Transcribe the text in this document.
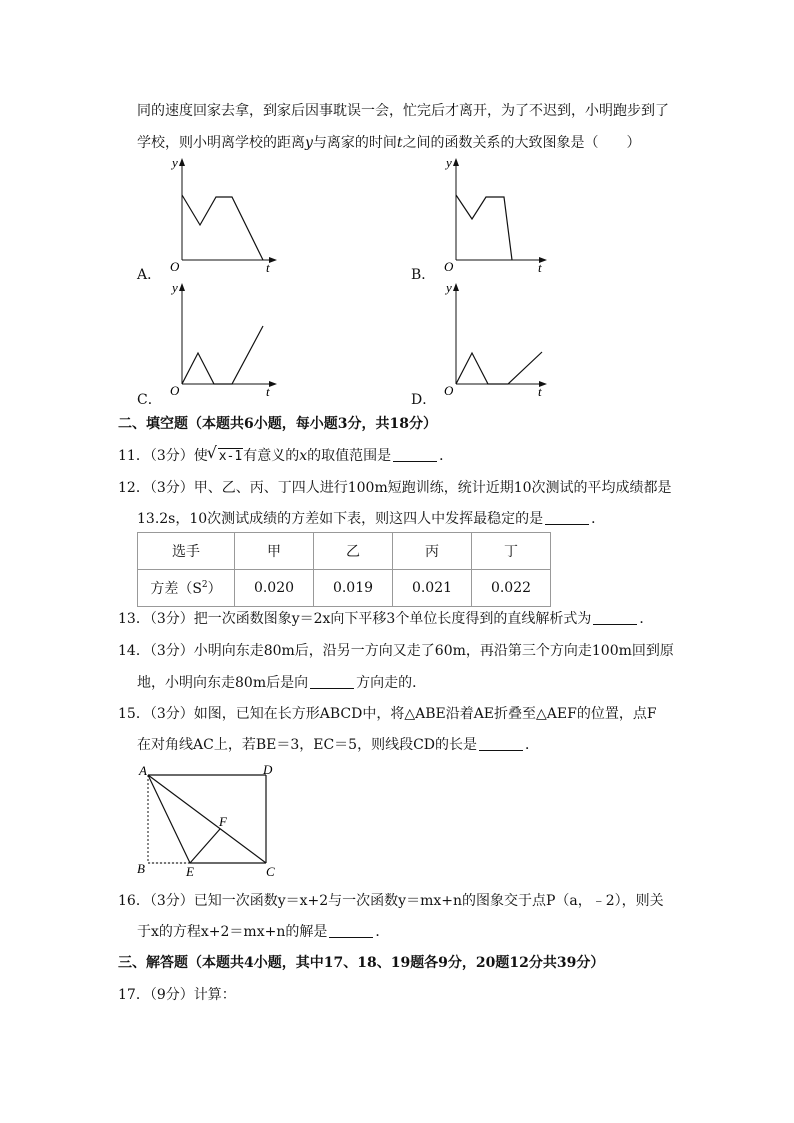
同的速度回家去拿，到家后因事耽误一会，忙完后才离开，为了不迟到，小明跑步到了
学校，则小明离学校的距离y与离家的时间t之间的函数关系的大致图象是（　　）
A．
y
O	t	B．
y
O	t
C．
y
O	t
D．
y
O	t
二、填空题（本题共6小题，每小题3分，共18分）
11．（3分）使 √ x-1有意义的x的取值范围是	．
12．（3分）甲、乙、丙、丁四人进行100m短跑训练，统计近期10次测试的平均成绩都是
13.2s，10次测试成绩的方差如下表，则这四人中发挥最稳定的是	．
选手	甲	乙	丙	丁
方差$(S^2)$	0.020	0.019	0.021	0.022
13．（3分）把一次函数图象y＝2x向下平移3个单位长度得到的直线解析式为	．
14．（3分）小明向东走80m后，沿另一方向又走了60m，再沿第三个方向走100m回到原
地，小明向东走80m后是向	方向走的．
15．（3分）如图，已知在长方形ABCD中，将△ABE沿着AE折叠至△AEF的位置，点F
在对角线AC上，若BE＝3，EC＝5，则线段CD的长是	．
A	D
B	E	C
F
16．（3分）已知一次函数y＝x+2与一次函数y＝mx+n的图象交于点P（a，﹣2），则关
于x的方程x+2＝mx+n的解是	．
三、解答题（本题共4小题，其中17、18、19题各9分，20题12分共39分）
17．（9分）计算：
